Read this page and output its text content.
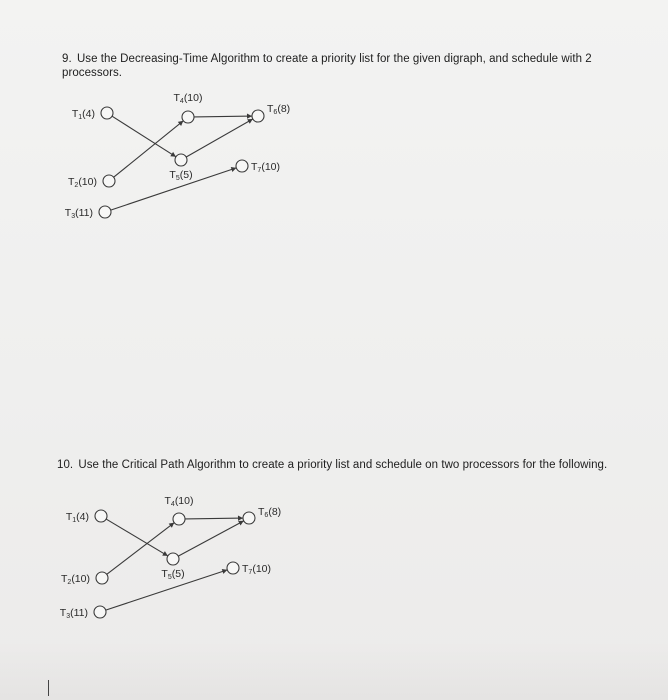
9. Use the Decreasing-Time Algorithm to create a priority list for the given digraph, and schedule with 2 processors.
10. Use the Critical Path Algorithm to create a priority list and schedule on two processors for the following.
T1(4)
T2(10)
T3(11)
T4(10)
T5(5)
T6(8)
T7(10)
T1(4)
T2(10)
T3(11)
T4(10)
T5(5)
T6(8)
T7(10)
